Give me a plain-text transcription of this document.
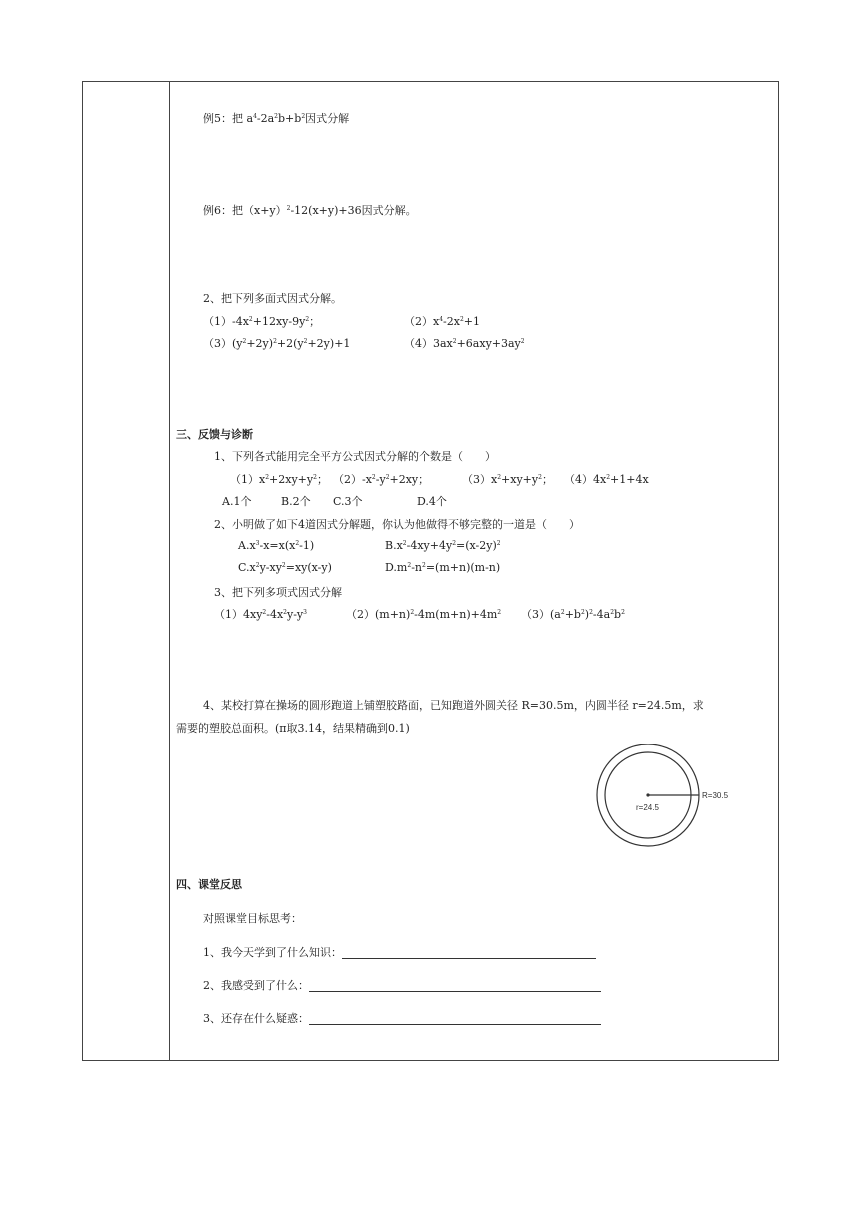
例5：把 $a^4-2a^2b+b^2$因式分解
例6：把$(x+y)^2-12(x+y)+36$因式分解。
2、把下列多面式因式分解。
$(1)-4x^2+12xy-9y^2$；	$(2)x^4-2x^2+1$
$(3)(y^2+2y)^2+2(y^2+2y)+1$	$(4)3ax^2+6axy+3ay^2$
三、反馈与诊断
1、下列各式能用完全平方公式因式分解的个数是（　　）
$(1)x^2+2xy+y^2$； $(2)-x^2-y^2+2xy$；	$(3)x^2+xy+y^2$； $(4)4x^2+1+4x$
A.1个	B.2个 C.3个	D.4个
2、小明做了如下4道因式分解题，你认为他做得不够完整的一道是（　　）
$A.x^3-x=x(x^2-1)$	$B.x^2-4xy+4y^2=(x-2y)^2$
$C.x^2y-xy^2=xy(x-y)$	$D.m^2-n^2=(m+n)(m-n)$
3、把下列多项式因式分解
$(1)4xy^2-4x^2y-y^3$	$(2)(m+n)^2-4m(m+n)+4m^2$ $(3)(a^2+b^2)^2-4a^2b^2$
4、某校打算在操场的圆形跑道上铺塑胶路面，已知跑道外圆关径 R=30.5m，内圆半径 r=24.5m，求
需要的塑胶总面积。(π取3.14，结果精确到0.1)
R=30.5
r=24.5
四、课堂反思
对照课堂目标思考：
1、我今天学到了什么知识：
2、我感受到了什么：
3、还存在什么疑惑：
